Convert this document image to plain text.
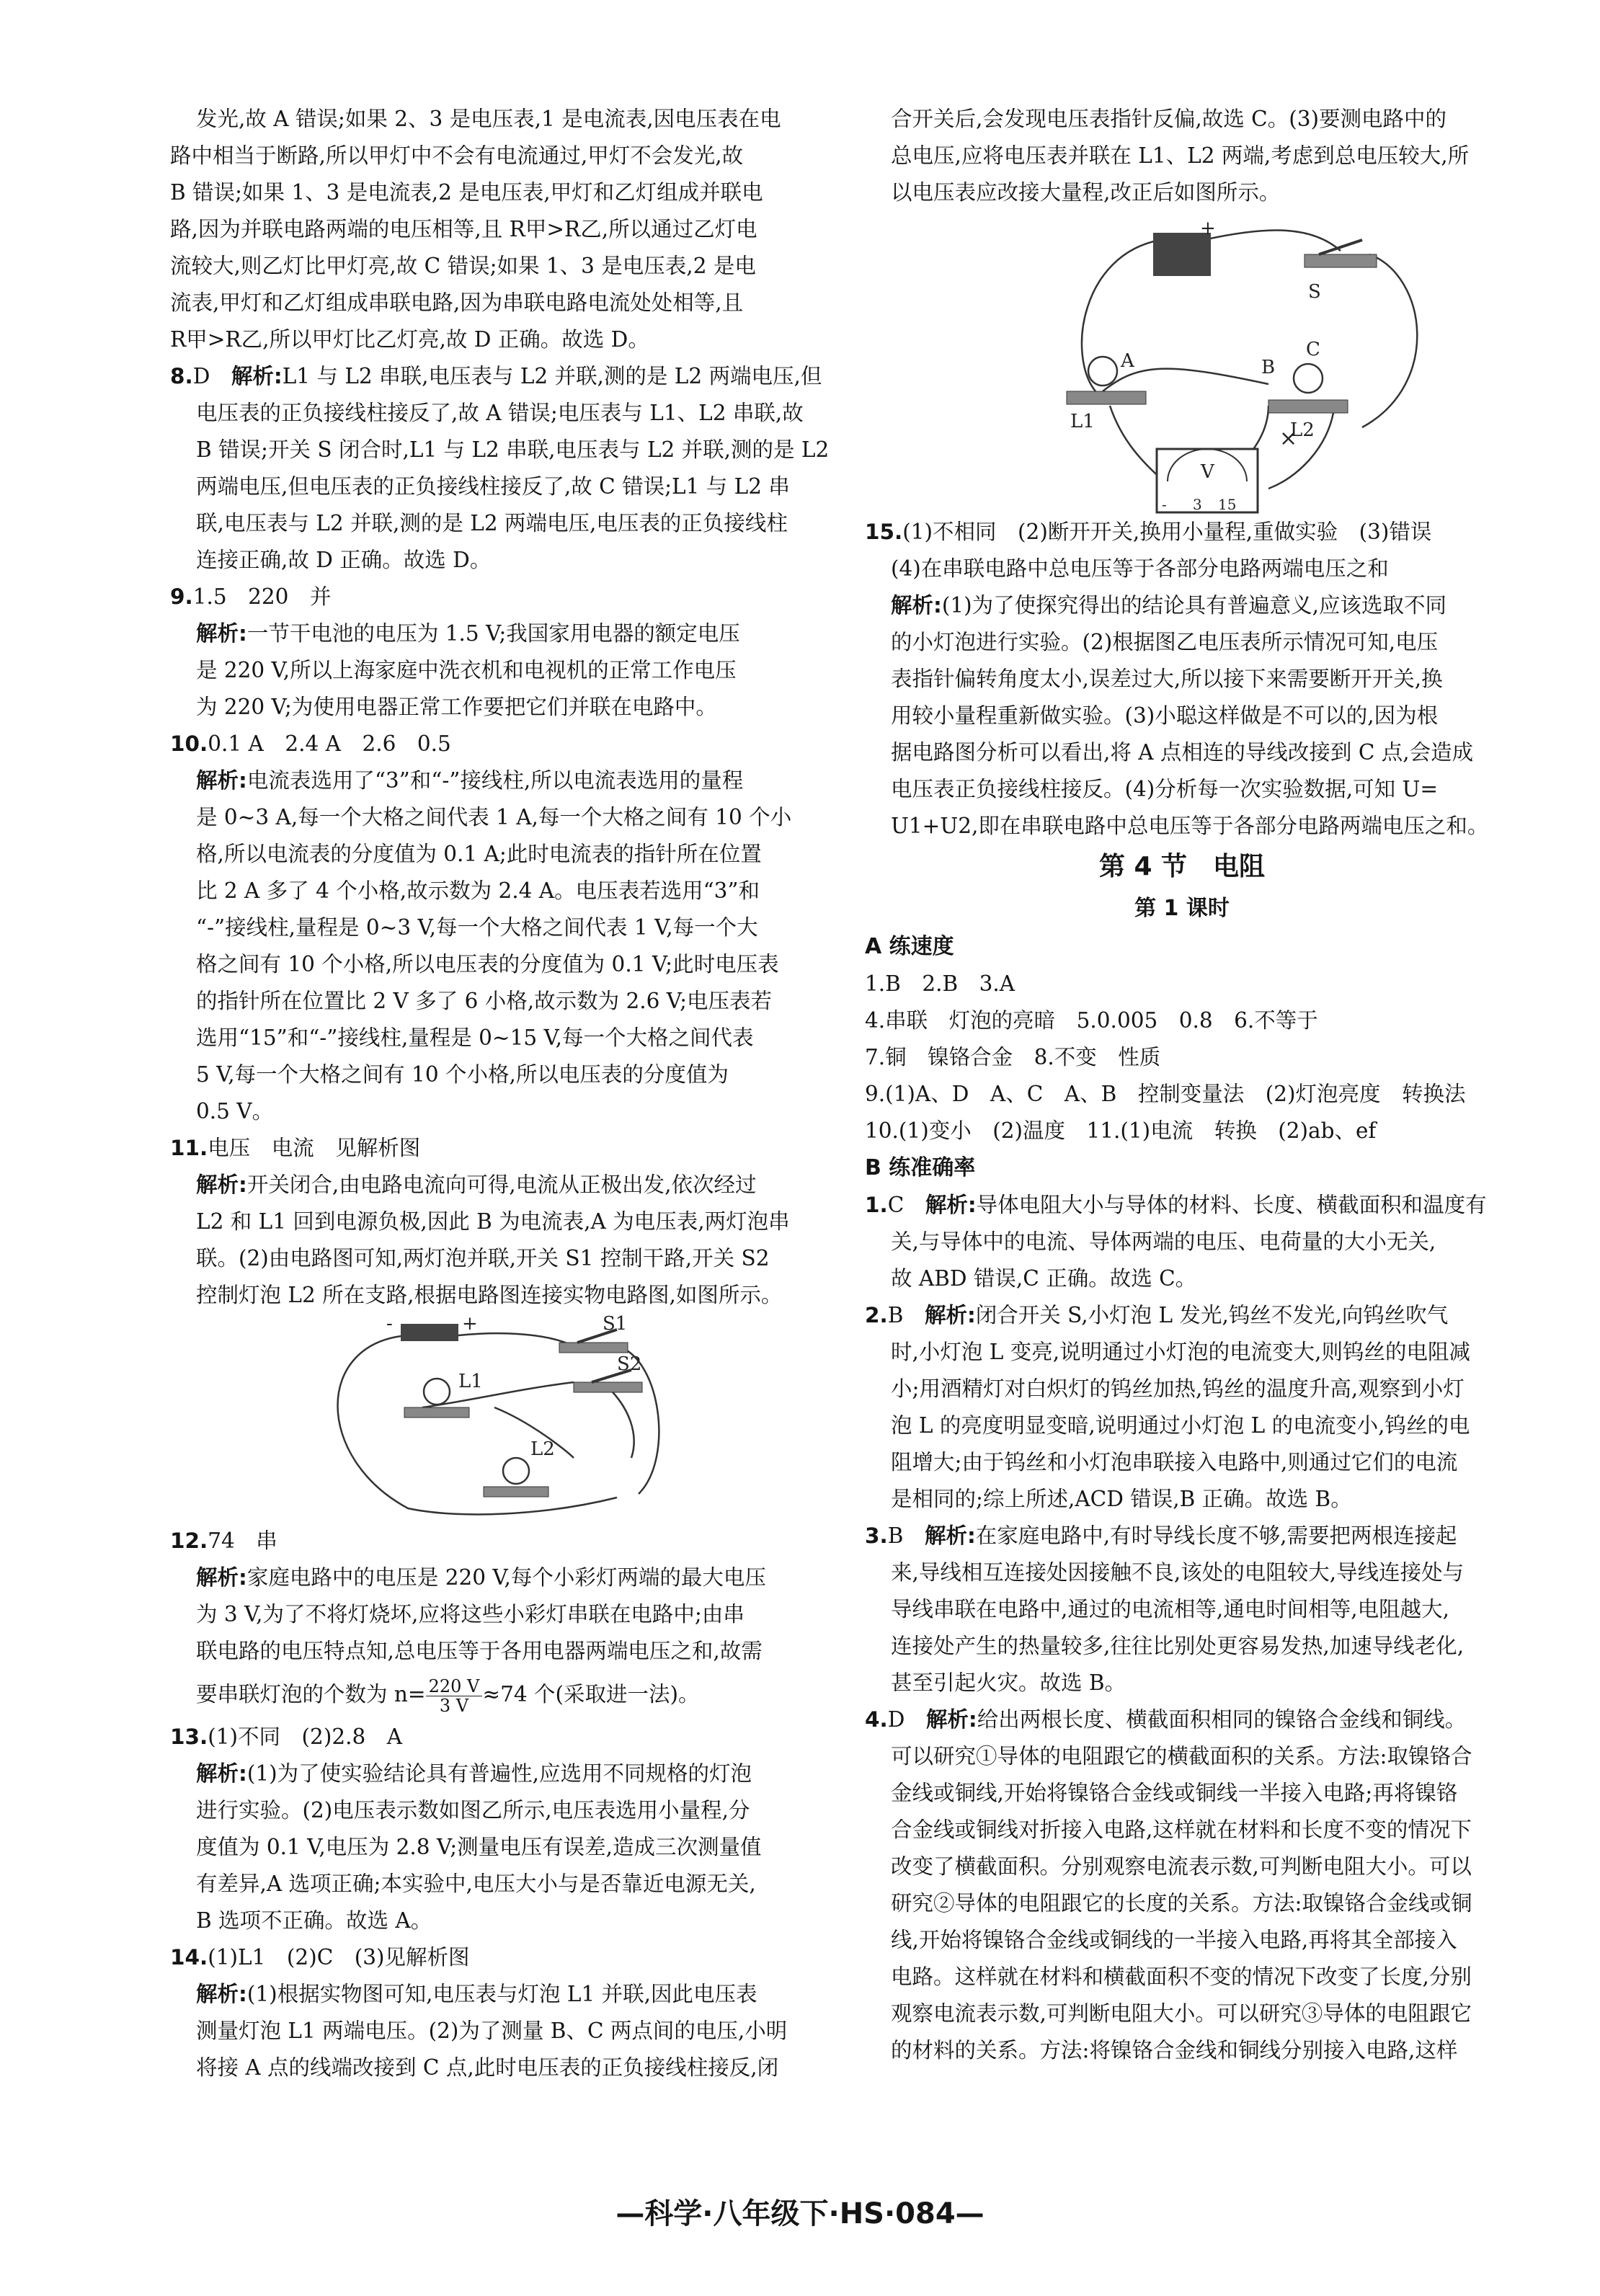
发光,故 A 错误;如果 2、3 是电压表,1 是电流表,因电压表在电
路中相当于断路,所以甲灯中不会有电流通过,甲灯不会发光,故
B 错误;如果 1、3 是电流表,2 是电压表,甲灯和乙灯组成并联电
路,因为并联电路两端的电压相等,且 R甲>R乙,所以通过乙灯电
流较大,则乙灯比甲灯亮,故 C 错误;如果 1、3 是电压表,2 是电
流表,甲灯和乙灯组成串联电路,因为串联电路电流处处相等,且
R甲>R乙,所以甲灯比乙灯亮,故 D 正确。故选 D。
8.D　 解析:L1 与 L2 串联,电压表与 L2 并联,测的是 L2 两端电压,但
电压表的正负接线柱接反了,故 A 错误;电压表与 L1、L2 串联,故
B 错误;开关 S 闭合时,L1 与 L2 串联,电压表与 L2 并联,测的是 L2
两端电压,但电压表的正负接线柱接反了,故 C 错误;L1 与 L2 串
联,电压表与 L2 并联,测的是 L2 两端电压,电压表的正负接线柱
连接正确,故 D 正确。故选 D。
9.1.5　220　并
解析:一节干电池的电压为 1.5 V;我国家用电器的额定电压
是 220 V,所以上海家庭中洗衣机和电视机的正常工作电压
为 220 V;为使用电器正常工作要把它们并联在电路中。
10.0.1 A　2.4 A　2.6　0.5
解析:电流表选用了“3”和“-”接线柱,所以电流表选用的量程
是 0~3 A,每一个大格之间代表 1 A,每一个大格之间有 10 个小
格,所以电流表的分度值为 0.1 A;此时电流表的指针所在位置
比 2 A 多了 4 个小格,故示数为 2.4 A。电压表若选用“3”和
“-”接线柱,量程是 0~3 V,每一个大格之间代表 1 V,每一个大
格之间有 10 个小格,所以电压表的分度值为 0.1 V;此时电压表
的指针所在位置比 2 V 多了 6 小格,故示数为 2.6 V;电压表若
选用“15”和“-”接线柱,量程是 0~15 V,每一个大格之间代表
5 V,每一个大格之间有 10 个小格,所以电压表的分度值为
0.5 V。
11.电压　电流　见解析图
解析:开关闭合,由电路电流向可得,电流从正极出发,依次经过
L2 和 L1 回到电源负极,因此 B 为电流表,A 为电压表,两灯泡串
联。(2)由电路图可知,两灯泡并联,开关 S1 控制干路,开关 S2
控制灯泡 L2 所在支路,根据电路图连接实物电路图,如图所示。
S1
L1
S2
L2
-	+
12.74　串
解析:家庭电路中的电压是 220 V,每个小彩灯两端的最大电压
为 3 V,为了不将灯烧坏,应将这些小彩灯串联在电路中;由串
联电路的电压特点知,总电压等于各用电器两端电压之和,故需
要串联灯泡的个数为 $n= \frac{220 V}{3 V} \approx 74$ 个(采取进一法)。
13.(1)不同　(2)2.8　A
解析:(1)为了使实验结论具有普遍性,应选用不同规格的灯泡
进行实验。(2)电压表示数如图乙所示,电压表选用小量程,分
度值为 0.1 V,电压为 2.8 V;测量电压有误差,造成三次测量值
有差异,A 选项正确;本实验中,电压大小与是否靠近电源无关,
B 选项不正确。故选 A。
14.(1)L1　(2)C　(3)见解析图
解析:(1)根据实物图可知,电压表与灯泡 L1 并联,因此电压表
测量灯泡 L1 两端电压。(2)为了测量 B、C 两点间的电压,小明
将接 A 点的线端改接到 C 点,此时电压表的正负接线柱接反,闭
合开关后,会发现电压表指针反偏,故选 C。(3)要测电路中的
总电压,应将电压表并联在 L1、L2 两端,考虑到总电压较大,所
以电压表应改接大量程,改正后如图所示。
A	B
C
S
L1	L2
V
- 3 15
+
×
15.(1)不相同　(2)断开开关,换用小量程,重做实验　(3)错误
(4)在串联电路中总电压等于各部分电路两端电压之和
解析:(1)为了使探究得出的结论具有普遍意义,应该选取不同
的小灯泡进行实验。(2)根据图乙电压表所示情况可知,电压
表指针偏转角度太小,误差过大,所以接下来需要断开开关,换
用较小量程重新做实验。(3)小聪这样做是不可以的,因为根
据电路图分析可以看出,将 A 点相连的导线改接到 C 点,会造成
电压表正负接线柱接反。(4)分析每一次实验数据,可知 U=
U1+U2,即在串联电路中总电压等于各部分电路两端电压之和。
第 4 节　电阻
第 1 课时
A 练速度
1.B　2.B　3.A
4.串联　灯泡的亮暗　5.0.005　0.8　6.不等于
7.铜　镍铬合金　8.不变　性质
9.(1)A、D　A、C　A、B　控制变量法　(2)灯泡亮度　转换法
10.(1)变小　(2)温度　11.(1)电流　转换　(2)ab、ef
B 练准确率
1.C　 解析:导体电阻大小与导体的材料、长度、横截面积和温度有
关,与导体中的电流、导体两端的电压、电荷量的大小无关,
故 ABD 错误,C 正确。故选 C。
2.B　 解析:闭合开关 S,小灯泡 L 发光,钨丝不发光,向钨丝吹气
时,小灯泡 L 变亮,说明通过小灯泡的电流变大,则钨丝的电阻减
小;用酒精灯对白炽灯的钨丝加热,钨丝的温度升高,观察到小灯
泡 L 的亮度明显变暗,说明通过小灯泡 L 的电流变小,钨丝的电
阻增大;由于钨丝和小灯泡串联接入电路中,则通过它们的电流
是相同的;综上所述,ACD 错误,B 正确。故选 B。
3.B　 解析:在家庭电路中,有时导线长度不够,需要把两根连接起
来,导线相互连接处因接触不良,该处的电阻较大,导线连接处与
导线串联在电路中,通过的电流相等,通电时间相等,电阻越大,
连接处产生的热量较多,往往比别处更容易发热,加速导线老化,
甚至引起火灾。故选 B。
4.D　 解析:给出两根长度、横截面积相同的镍铬合金线和铜线。
可以研究①导体的电阻跟它的横截面积的关系。方法:取镍铬合
金线或铜线,开始将镍铬合金线或铜线一半接入电路;再将镍铬
合金线或铜线对折接入电路,这样就在材料和长度不变的情况下
改变了横截面积。分别观察电流表示数,可判断电阻大小。可以
研究②导体的电阻跟它的长度的关系。方法:取镍铬合金线或铜
线,开始将镍铬合金线或铜线的一半接入电路,再将其全部接入
电路。这样就在材料和横截面积不变的情况下改变了长度,分别
观察电流表示数,可判断电阻大小。可以研究③导体的电阻跟它
的材料的关系。方法:将镍铬合金线和铜线分别接入电路,这样
—科学·八年级下·HS·084—
